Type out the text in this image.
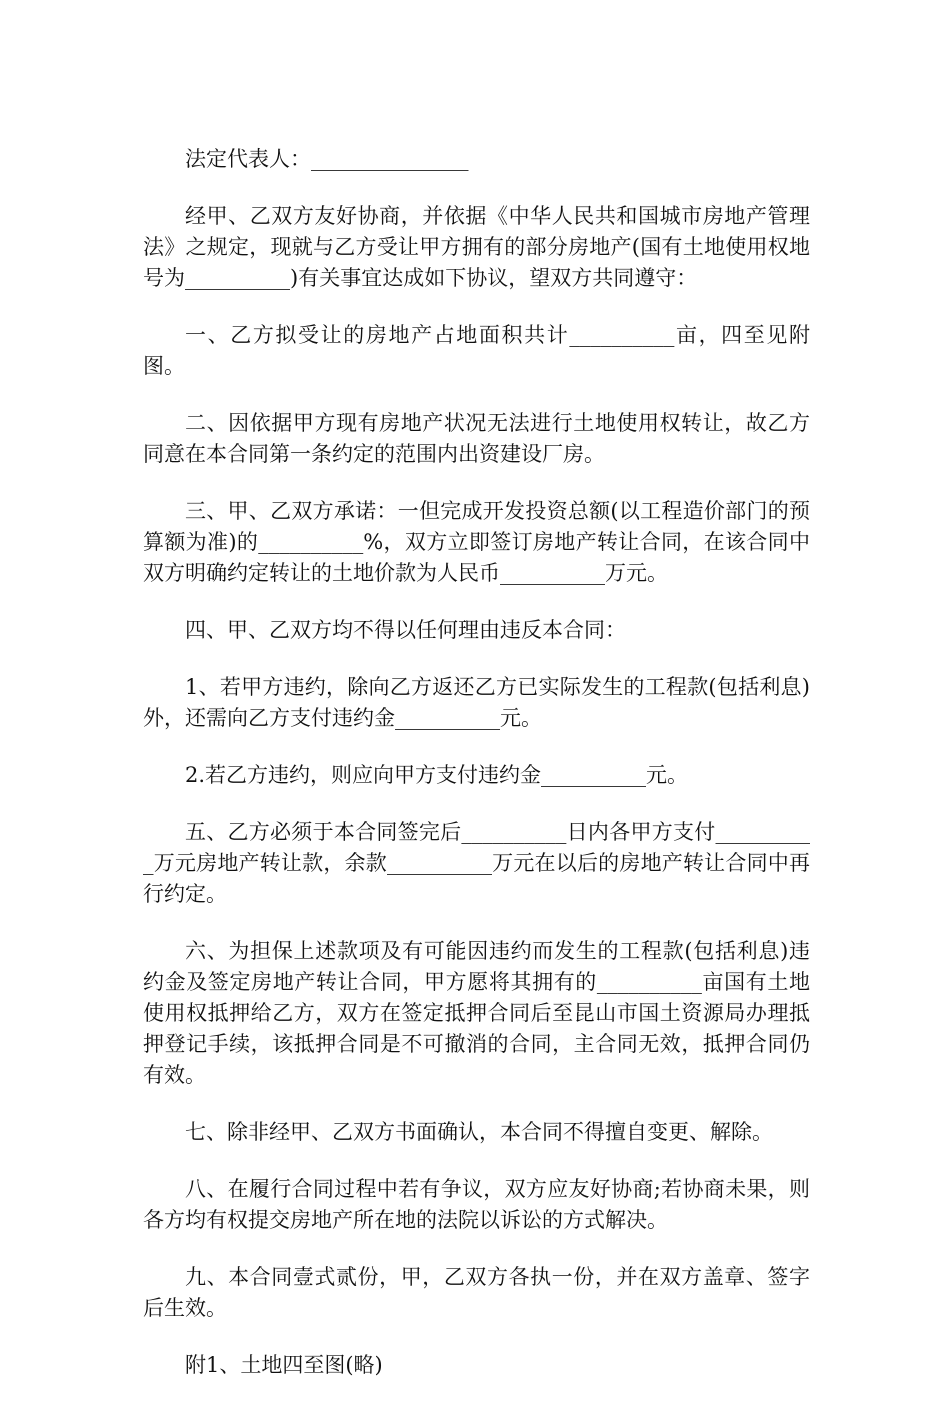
法定代表人：_______________

经甲、乙双方友好协商，并依据《中华人民共和国城市房地产管理法》之规定，现就与乙方受让甲方拥有的部分房地产(国有土地使用权地号为__________)有关事宜达成如下协议，望双方共同遵守：

一、乙方拟受让的房地产占地面积共计__________亩，四至见附图。

二、因依据甲方现有房地产状况无法进行土地使用权转让，故乙方同意在本合同第一条约定的范围内出资建设厂房。

三、甲、乙双方承诺：一但完成开发投资总额(以工程造价部门的预算额为准)的__________%，双方立即签订房地产转让合同，在该合同中双方明确约定转让的土地价款为人民币__________万元。

四、甲、乙双方均不得以任何理由违反本合同：

1、若甲方违约，除向乙方返还乙方已实际发生的工程款(包括利息)外，还需向乙方支付违约金__________元。

2.若乙方违约，则应向甲方支付违约金__________元。

五、乙方必须于本合同签完后__________日内各甲方支付__________万元房地产转让款，余款__________万元在以后的房地产转让合同中再行约定。

六、为担保上述款项及有可能因违约而发生的工程款(包括利息)违约金及签定房地产转让合同，甲方愿将其拥有的__________亩国有土地使用权抵押给乙方，双方在签定抵押合同后至昆山市国土资源局办理抵押登记手续，该抵押合同是不可撤消的合同，主合同无效，抵押合同仍有效。

七、除非经甲、乙双方书面确认，本合同不得擅自变更、解除。

八、在履行合同过程中若有争议，双方应友好协商;若协商未果，则各方均有权提交房地产所在地的法院以诉讼的方式解决。

九、本合同壹式贰份，甲，乙双方各执一份，并在双方盖章、签字后生效。

附1、土地四至图(略)
